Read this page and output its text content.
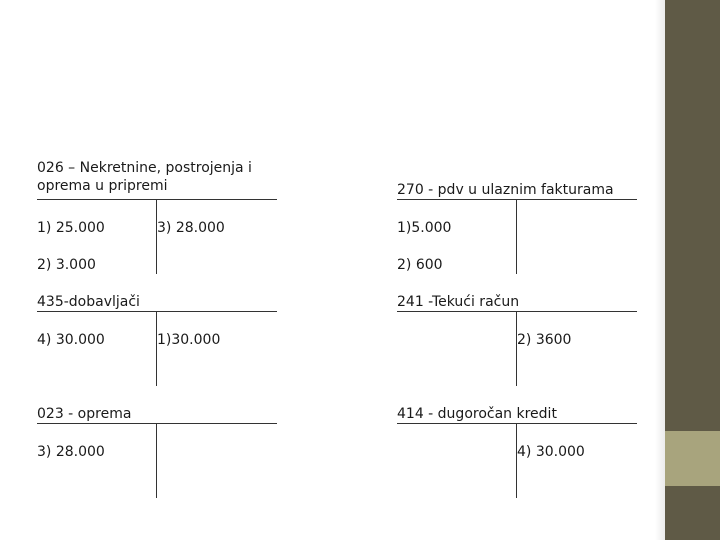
026 – Nekretnine, postrojenja i
oprema u pripremi
1) 25.000
2) 3.000
3) 28.000
270 - pdv u ulaznim fakturama
1)5.000
2) 600
435-dobavljači
4) 30.000	1)30.000
241 -Tekući račun
2) 3600
023 - oprema
3) 28.000
414 - dugoročan kredit
4) 30.000
